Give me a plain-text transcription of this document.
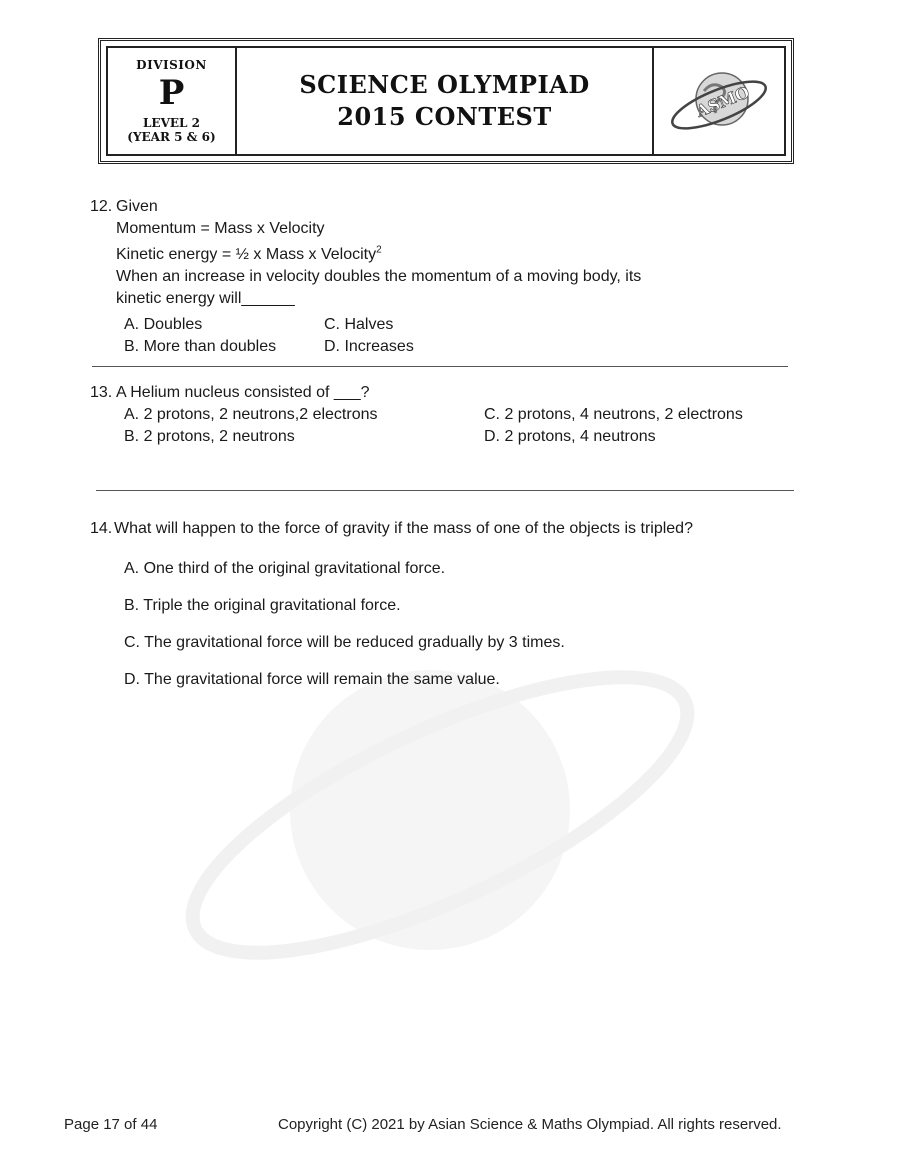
DIVISION
P
LEVEL 2
(YEAR 5 & 6)
SCIENCE OLYMPIAD
2015 CONTEST	ASMO
12. Given
Momentum = Mass x Velocity
Kinetic energy = ½ x Mass x Velocity$^2$
When an increase in velocity doubles the momentum of a moving body, its
kinetic energy will______
A. Doubles	C. Halves
B. More than doubles	D. Increases
13. A Helium nucleus consisted of ___?
A. 2 protons, 2 neutrons,2 electrons	C. 2 protons, 4 neutrons, 2 electrons
B. 2 protons, 2 neutrons	D. 2 protons, 4 neutrons
14. What will happen to the force of gravity if the mass of one of the objects is tripled?
A. One third of the original gravitational force.
B. Triple the original gravitational force.
C. The gravitational force will be reduced gradually by 3 times.
D. The gravitational force will remain the same value.
Page 17 of 44	Copyright (C) 2021 by Asian Science & Maths Olympiad. All rights reserved.
